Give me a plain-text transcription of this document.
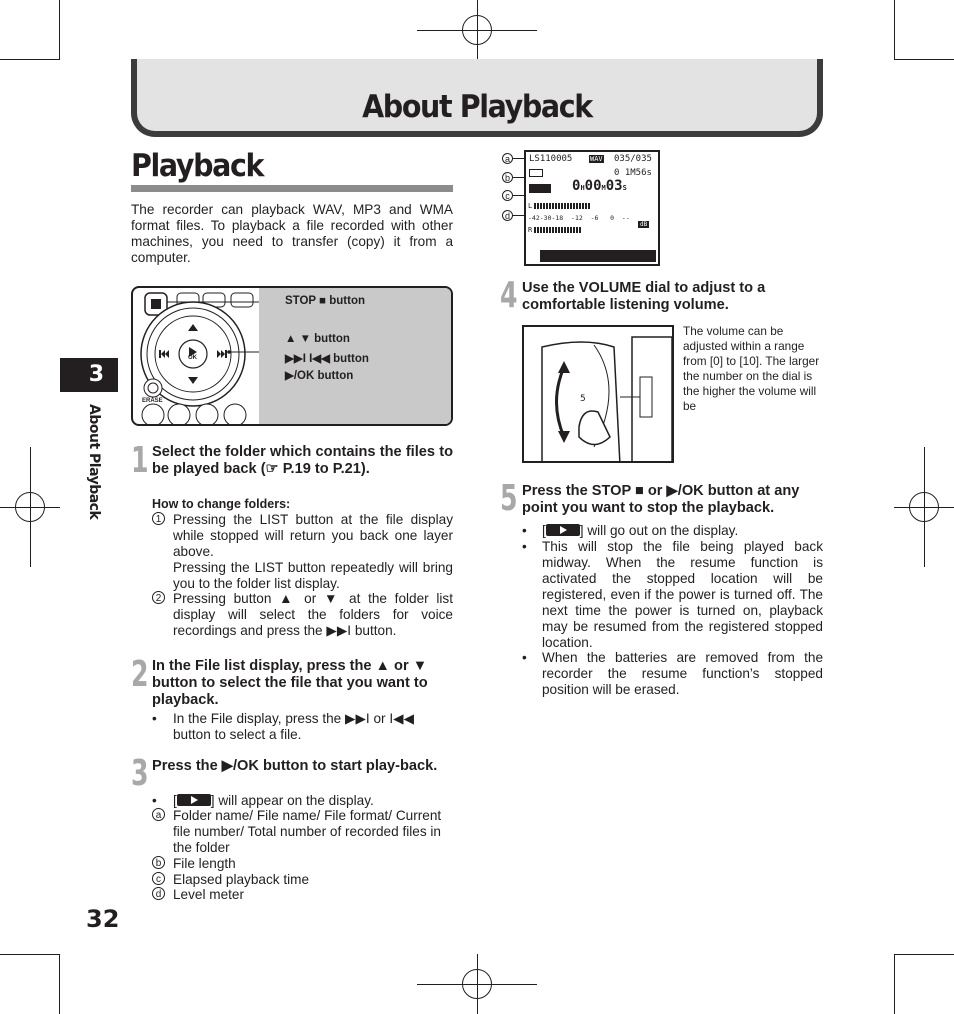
About Playback
Playback
The recorder can playback WAV, MP3 and WMA format files. To playback a file recorded with other machines, you need to transfer (copy) it from a computer.
OK
ERASE
STOP ■ button
▲ ▼ button
▶▶I I◀◀ button
▶/OK button
1 Select the folder which contains the files to be played back (☞ P.19 to P.21).
How to change folders:
1 Pressing the LIST button at the file display while stopped will return you back one layer above.
Pressing the LIST button repeatedly will bring you to the folder list display.
2 Pressing button ▲ or ▼ at the folder list display will select the folders for voice recordings and press the ▶▶I button.
2 In the File list display, press the ▲ or ▼ button to select the file that you want to playback.
• In the File display, press the ▶▶I or I◀◀ button to select a file.
3 Press the ▶/OK button to start play-back.
• [	] will appear on the display.
a Folder name/ File name/ File format/ Current file number/ Total number of recorded files in the folder
b File length
c Elapsed playback time
d Level meter
a
b
c
d
LS110005	WAV 035/035
0 1M56s
0H00M03S
L
-42-30-18  -12  -6   0  --
R
dB
4 Use the VOLUME dial to adjust to a comfortable listening volume.
5
The volume can be adjusted within a range from [0] to [10]. The larger the number on the dial is the higher the volume will be
5 Press the STOP ■ or ▶/OK button at any point you want to stop the playback.
• [	] will go out on the display.
• This will stop the file being played back midway. When the resume function is activated the stopped location will be registered, even if the power is turned off. The next time the power is turned on, playback may be resumed from the registered stopped location.
• When the batteries are removed from the recorder the resume function’s stopped position will be erased.
3
About Playback
32
